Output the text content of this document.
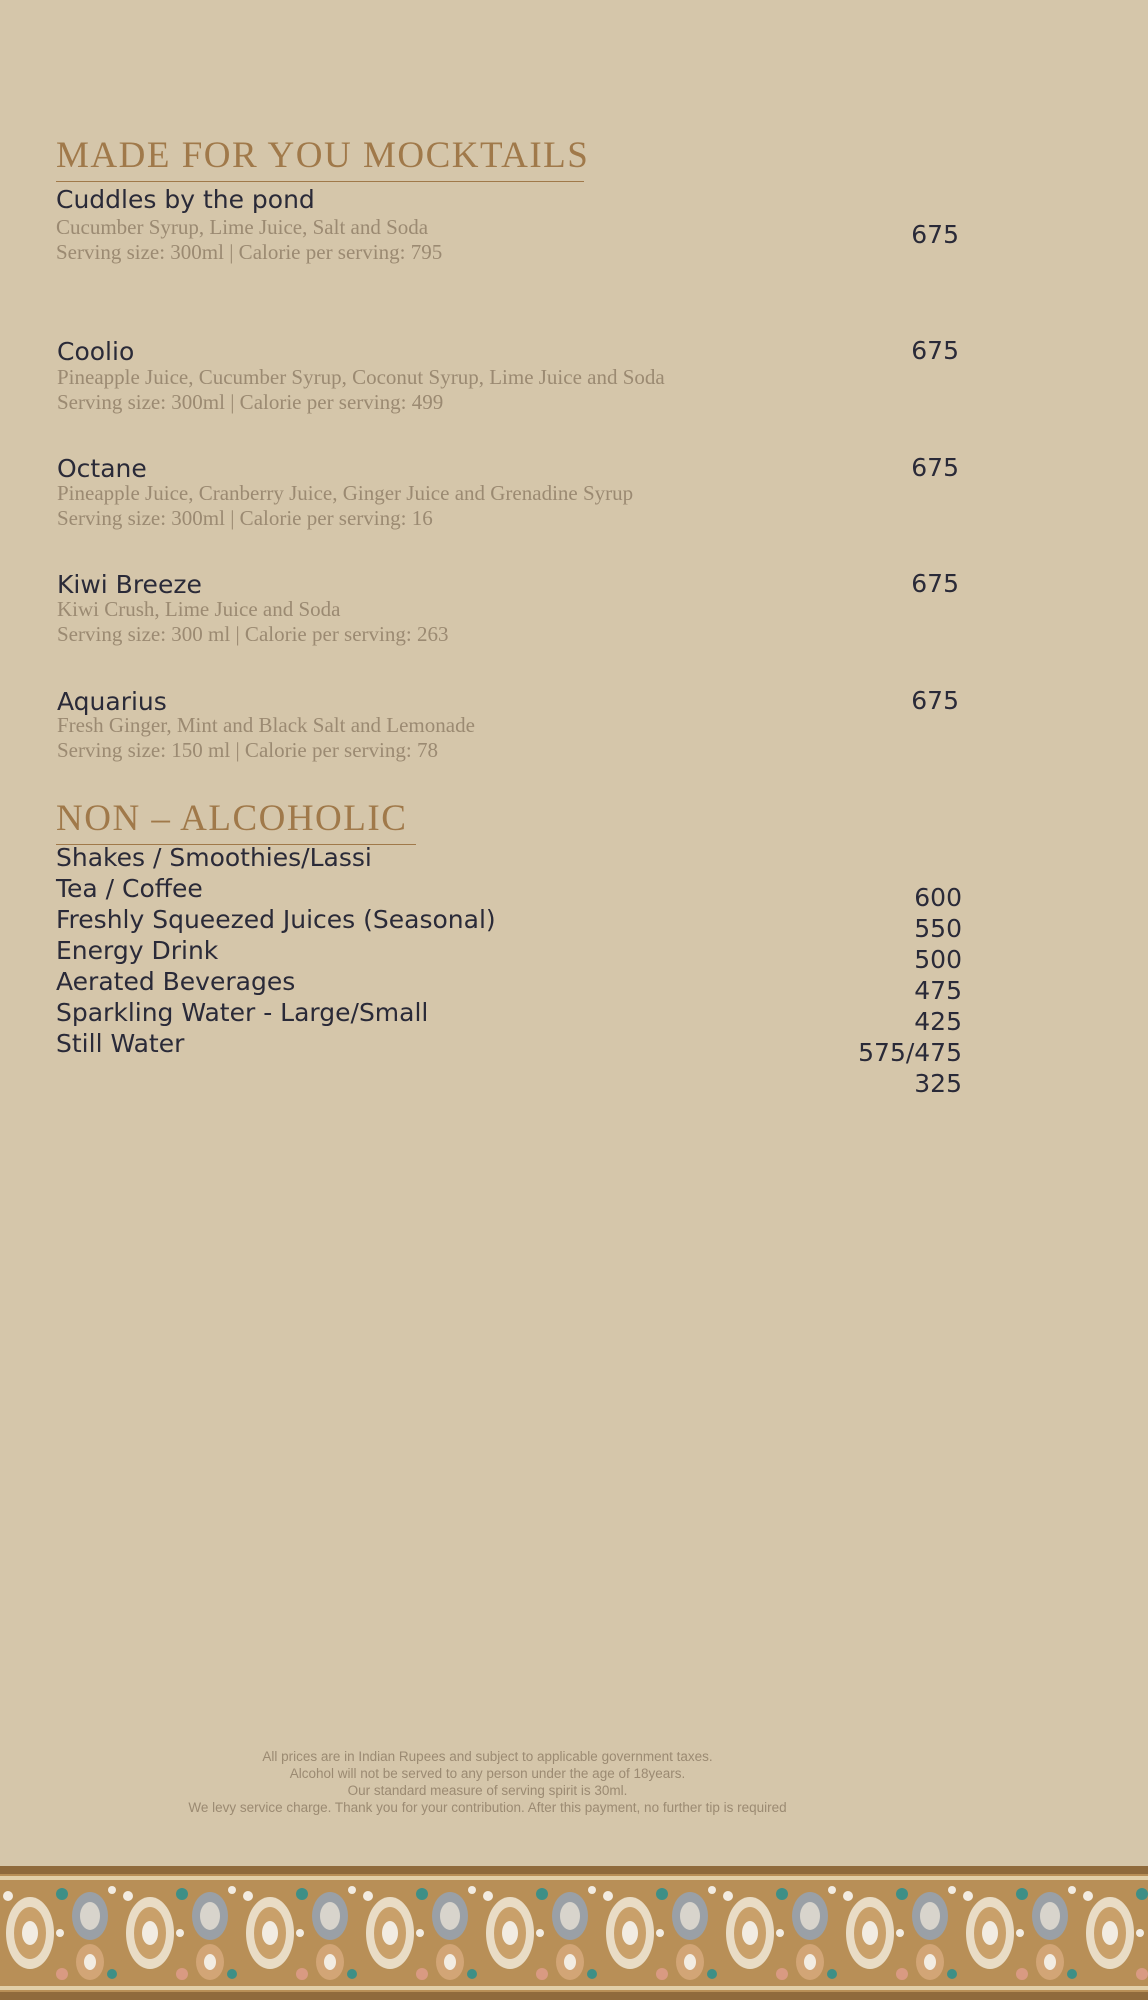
MADE FOR YOU MOCKTAILS
Cuddles by the pond
Cucumber Syrup, Lime Juice, Salt and Soda
Serving size: 300ml | Calorie per serving: 795
675
Coolio
Pineapple Juice, Cucumber Syrup, Coconut Syrup, Lime Juice and Soda
Serving size: 300ml | Calorie per serving: 499
675
Octane
Pineapple Juice, Cranberry Juice, Ginger Juice and Grenadine Syrup
Serving size: 300ml | Calorie per serving: 16
675
Kiwi Breeze
Kiwi Crush, Lime Juice and Soda
Serving size: 300 ml | Calorie per serving: 263
675
Aquarius
Fresh Ginger, Mint and Black Salt and Lemonade
Serving size: 150 ml | Calorie per serving: 78
675
NON – ALCOHOLIC
Shakes / Smoothies/Lassi
Tea / Coffee
Freshly Squeezed Juices (Seasonal)
Energy Drink
Aerated Beverages
Sparkling Water - Large/Small
Still Water
600
550
500
475
425
575/475
325
All prices are in Indian Rupees and subject to applicable government taxes.
Alcohol will not be served to any person under the age of 18years.
Our standard measure of serving spirit is 30ml.
We levy service charge. Thank you for your contribution. After this payment, no further tip is required
